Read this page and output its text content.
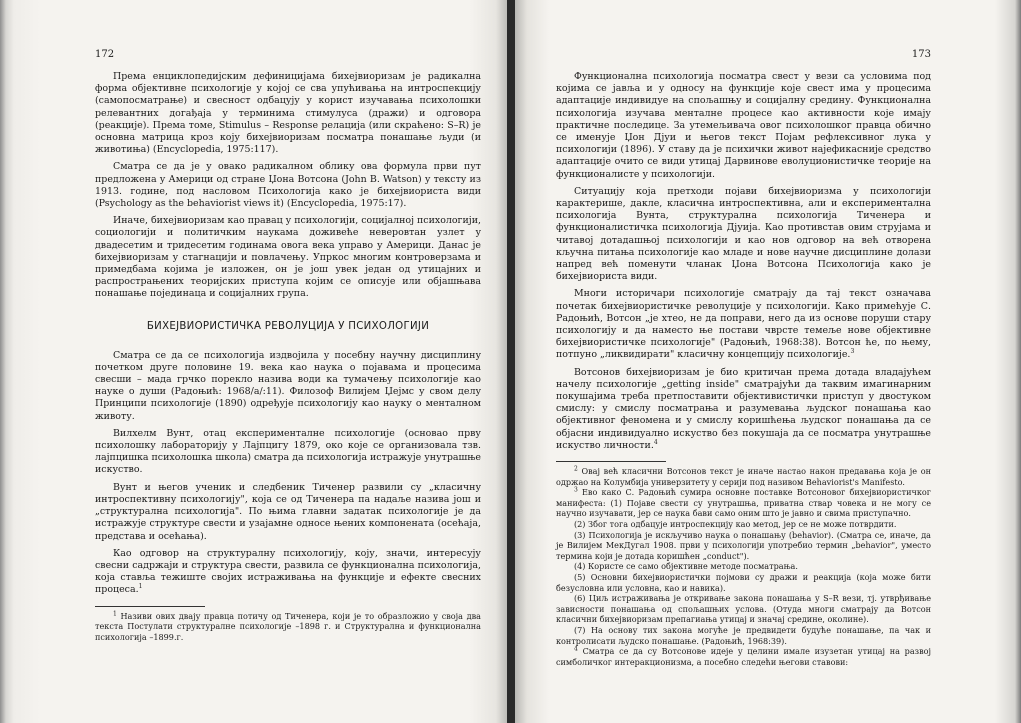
172

Према енциклопедијским дефиницијама бихејвиоризам је радикална форма објективне психологије у којој се сва упућивања на интроспекцију (самопосматрање) и свесност одбацују у корист изучавања психолошки релевантних догађаја у терминима стимулуса (дражи) и одговора (реакције). Према томе, Stimulus – Response релација (или скраћено: S–R) је основна матрица кроз коју бихејвиоризам посматра понашање људи (и животиња) (Encyclopedia, 1975:117).

Сматра се да је у овако радикалном облику ова формула први пут предложена у Америци од стране Џона Вотсона (John B. Watson) у тексту из 1913. године, под насловом Психологија како је бихејвиориста види (Psychology as the behaviorist views it) (Encyclopedia, 1975:17).

Иначе, бихејвиоризам као правац у психологији, социјалној психологији, социологији и политичким наукама доживеће неверовтан узлет у двадесетим и тридесетим годинама овога века управо у Америци. Данас је бихејвиоризам у стагнацији и повлачењу. Упркос многим контроверзама и примедбама којима је изложен, он је још увек један од утицајних и распрострањених теоријских приступа којим се описује или објашњава понашање појединаца и социјалних група.

БИХЕЈВИОРИСТИЧКА РЕВОЛУЦИЈА У ПСИХОЛОГИЈИ

Сматра се да се психологија издвојила у посебну научну дисциплину почетком друге половине 19. века као наука о појавама и процесима свесши – мада грчко порекло назива води ка тумачењу психологије као науке о души (Радоњић: 1968/a/:11). Филозоф Вилијем Џејмс у свом делу Принципи психологије (1890) одређује психологију као науку о менталном животу.

Вилхелм Вунт, отац експерименталне психологије (основао прву психолошку лабораторију у Лајпцигу 1879, око које се организовала тзв. лајпцишка психолошка школа) сматра да психологија истражује унутрашње искуство.

Вунт и његов ученик и следбеник Тиченер развили су „класичну интроспективну психологију", која се од Тиченера па надаље назива још и „структурална психологија". По њима главни задатак психологије је да истражује структуре свести и узајамне односе њених компонената (осећаја, представа и осећања).

Као одговор на структуралну психологију, коју, значи, интересују свесни садржаји и структура свести, развила се функционална психологија, која ставља тежиште својих истраживања на функције и ефекте свесних процеса.$^1$

$^1$ Називи ових двају правца потичу од Тиченера, који је то образложио у своја два текста Постулати структуралне психологије –1898 г. и Структурална и функционална психологија –1899.г.

173

Функционална психологија посматра свест у вези са условима под којима се јавља и у односу на функције које свест има у процесима адаптације индивидуе на спољашњу и социјалну средину. Функционална психологија изучава менталне процесе као активности које имају практичне последице. За утемељивача овог психолошког правца обично се именује Џон Дјуи и његов текст Појам рефлексивног лука у психологији (1896). У ставу да је психички живот најефикасније средство адаптације очито се види утицај Дарвинове еволуционистичке теорије на функционалисте у психологији.

Ситуацију која претходи појави бихејвиоризма у психологији карактерише, дакле, класична интроспективна, али и експериментална психологија Вунта, структурална психологија Тиченера и функционалистичка психологија Дјуија. Као противстав овим струјама и читавој дотадашњој психологији и као нов одговор на већ отворена кључна питања психологије као младе и нове научне дисциплине долази напред већ поменути чланак Џона Вотсона Психологија како је бихејвиориста види.

Многи историчари психологије сматрају да тај текст означава почетак бихејвиористичке револуције у психологији. Како примећује С. Радоњић, Вотсон „је хтео, не да поправи, него да из основе поруши стару психологију и да наместо ње постави чврсте темеље нове објективне бихејвиористичке психологије" (Радоњић, 1968:38). Вотсон ће, по њему, потпуно „ликвидирати" класичну концепцију психологије.$^3$

Вотсонов бихејвиоризам је био критичан према дотада владајућем начелу психологије „getting inside" сматрајући да таквим имагинарним покушајима треба претпоставити објективистички приступ у двостуком смислу: у смислу посматрања и разумевања људског понашања као објективног феномена и у смислу коришћења људског понашања да се објасни индивидуално искуство без покушаја да се посматра унутрашње искуство личности.$^4$

$^2$ Овај већ класични Вотсонов текст је иначе настао након предавања која је он одржао на Колумбија универзитету у серији под називом Behaviorist's Manifesto.

$^3$ Ево како С. Радоњић сумира основне поставке Вотсоновог бихејвиористичког манифеста: (1) Појаве свести су унутрашња, приватна ствар човека и не могу се научно изучавати, јер се наука бави само оним што је јавно и свима приступачно.

(2) Због тога одбацује интроспекцију као метод, јер се не може потврдити.

(3) Психологија је искључиво наука о понашању (behavior). (Сматра се, иначе, да је Вилијем МекДугал 1908. први у психологији употребио термин „behavior", уместо термина који је дотада коришћен „conduct").

(4) Користе се само објективне методе посматрања.

(5) Основни бихејвиористички појмови су дражи и реакција (која може бити безусловна или условна, као и навика).

(6) Циљ истраживања је откривање закона понашања у S–R вези, тј. утврђивање зависности понашања од спољашњих услова. (Отуда многи сматрају да Вотсон класични бихејвиоризам препагиања утицај и значај средине, околине).

(7) На основу тих закона могуће је предвидети будуће понашање, па чак и контролисати људско понашање. (Радоњић, 1968:39).

$^4$ Сматра се да су Вотсонове идеје у целини имале изузетан утицај на развој симболичког интеракционизма, а посебно следећи његови ставови:
